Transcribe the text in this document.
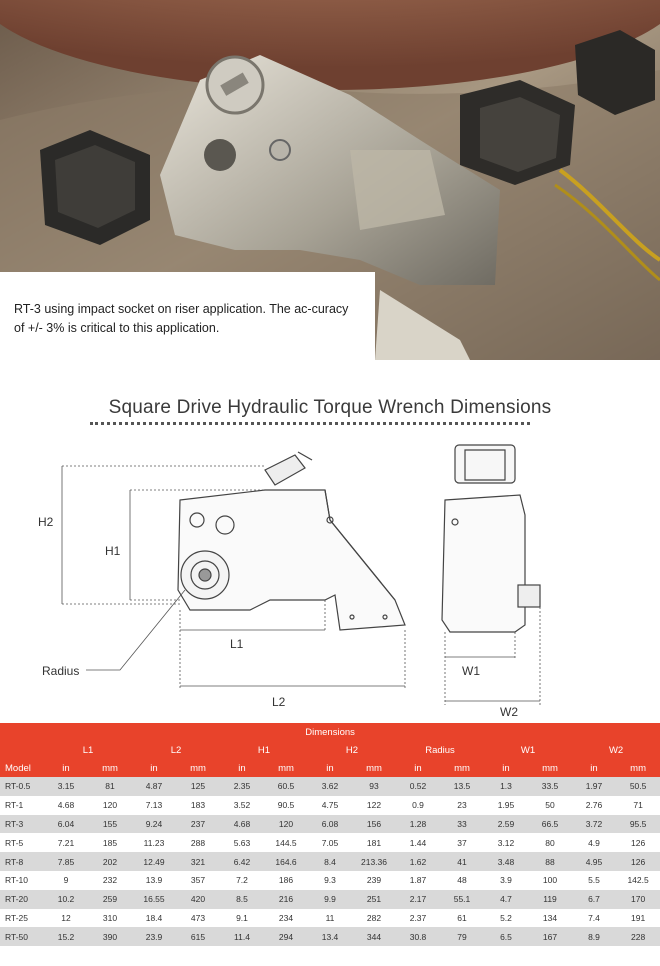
RT-3 using impact socket on riser application. The ac-curacy of +/- 3% is critical to this application.
Square Drive Hydraulic Torque Wrench Dimensions
H2
H1
L1
L2
Radius	W1
W2
Dimensions														
	L1		L2		H1		H2		Radius		W1		W2	
Model	in	mm	in	mm	in	mm	in	mm	in	mm	in	mm	in	mm
RT-0.5	3.15	81	4.87	125	2.35	60.5	3.62	93	0.52	13.5	1.3	33.5	1.97	50.5
RT-1	4.68	120	7.13	183	3.52	90.5	4.75	122	0.9	23	1.95	50	2.76	71
RT-3	6.04	155	9.24	237	4.68	120	6.08	156	1.28	33	2.59	66.5	3.72	95.5
RT-5	7.21	185	11.23	288	5.63	144.5	7.05	181	1.44	37	3.12	80	4.9	126
RT-8	7.85	202	12.49	321	6.42	164.6	8.4	213.36	1.62	41	3.48	88	4.95	126
RT-10	9	232	13.9	357	7.2	186	9.3	239	1.87	48	3.9	100	5.5	142.5
RT-20	10.2	259	16.55	420	8.5	216	9.9	251	2.17	55.1	4.7	119	6.7	170
RT-25	12	310	18.4	473	9.1	234	11	282	2.37	61	5.2	134	7.4	191
RT-50	15.2	390	23.9	615	11.4	294	13.4	344	30.8	79	6.5	167	8.9	228
